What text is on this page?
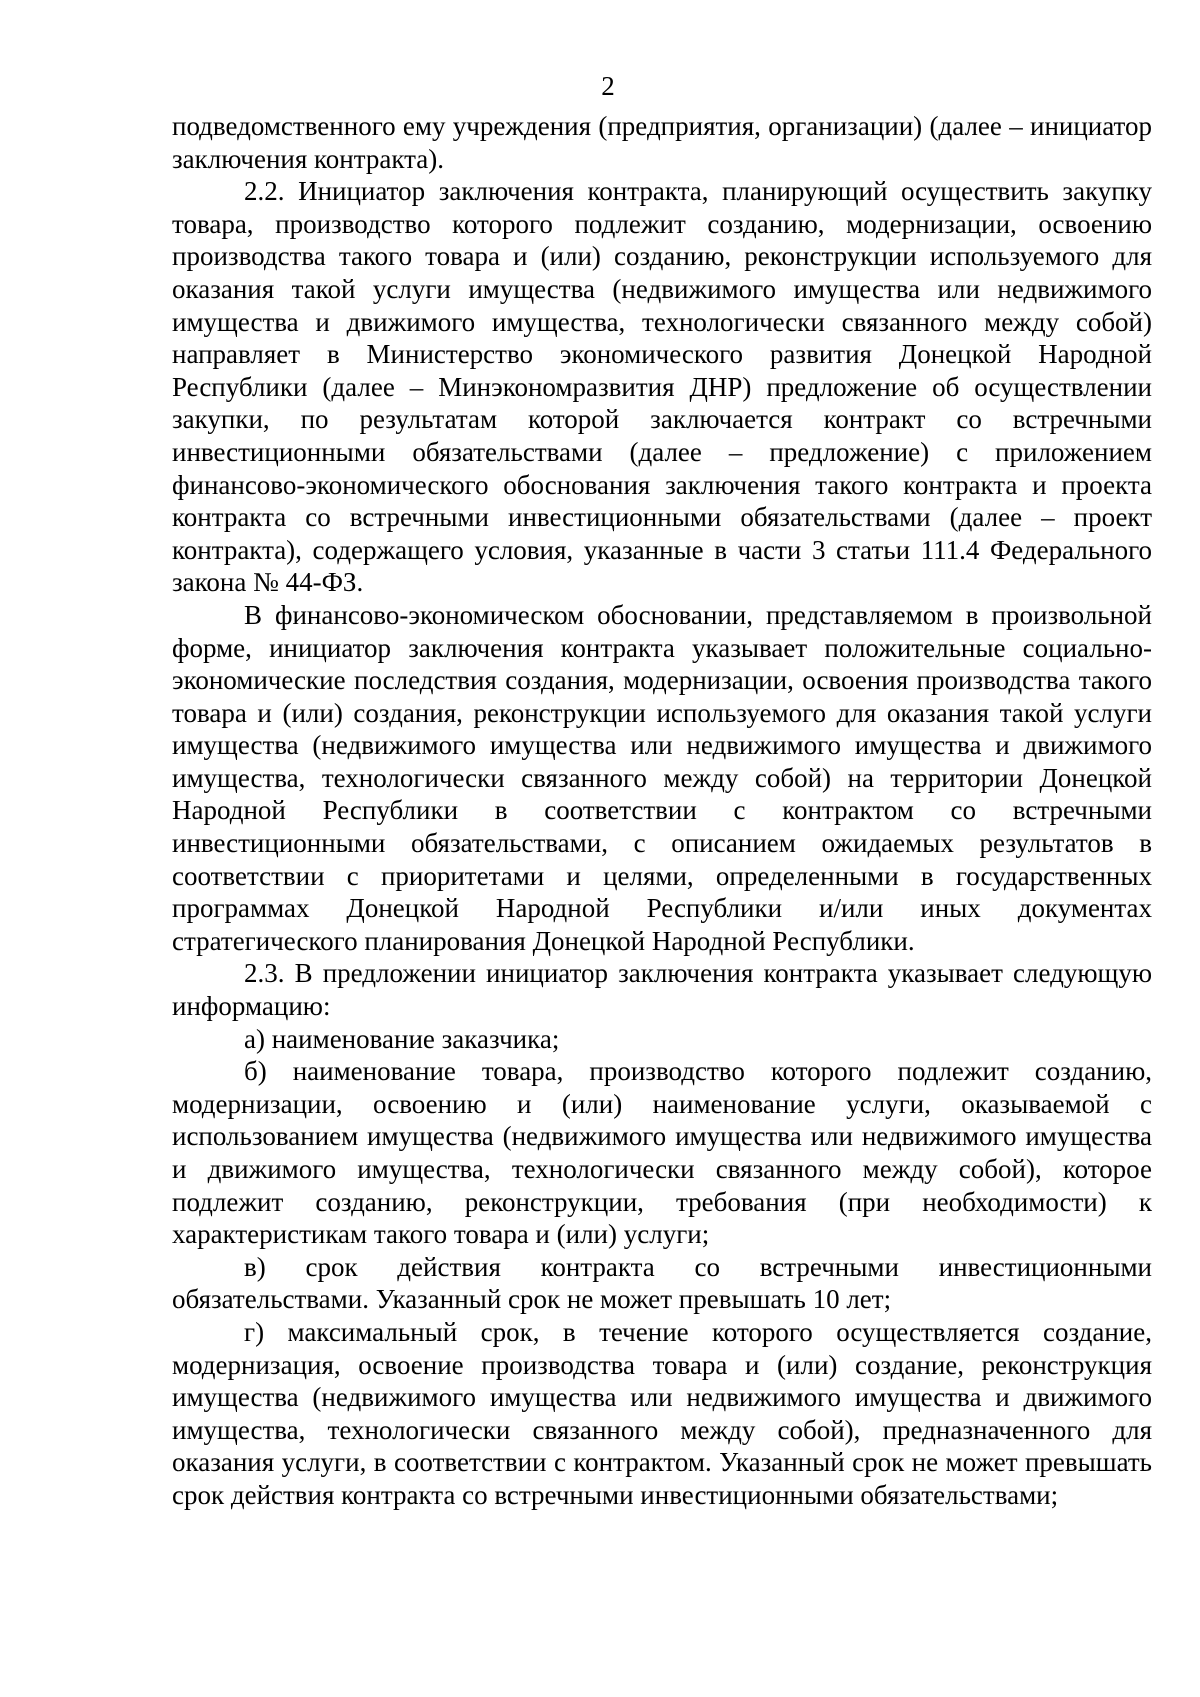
2

подведомственного ему учреждения (предприятия, организации) (далее – инициатор заключения контракта).

2.2. Инициатор заключения контракта, планирующий осуществить закупку товара, производство которого подлежит созданию, модернизации, освоению производства такого товара и (или) созданию, реконструкции используемого для оказания такой услуги имущества (недвижимого имущества или недвижимого имущества и движимого имущества, технологически связанного между собой) направляет в Министерство экономического развития Донецкой Народной Республики (далее – Минэкономразвития ДНР) предложение об осуществлении закупки, по результатам которой заключается контракт со встречными инвестиционными обязательствами (далее – предложение) с приложением финансово-экономического обоснования заключения такого контракта и проекта контракта со встречными инвестиционными обязательствами (далее – проект контракта), содержащего условия, указанные в части 3 статьи 111.4 Федерального закона № 44-ФЗ.

В финансово-экономическом обосновании, представляемом в произвольной форме, инициатор заключения контракта указывает положительные социально-экономические последствия создания, модернизации, освоения производства такого товара и (или) создания, реконструкции используемого для оказания такой услуги имущества (недвижимого имущества или недвижимого имущества и движимого имущества, технологически связанного между собой) на территории Донецкой Народной Республики в соответствии с контрактом со встречными инвестиционными обязательствами, с описанием ожидаемых результатов в соответствии с приоритетами и целями, определенными в государственных программах Донецкой Народной Республики и/или иных документах стратегического планирования Донецкой Народной Республики.

2.3. В предложении инициатор заключения контракта указывает следующую информацию:

а) наименование заказчика;

б) наименование товара, производство которого подлежит созданию, модернизации, освоению и (или) наименование услуги, оказываемой с использованием имущества (недвижимого имущества или недвижимого имущества и движимого имущества, технологически связанного между собой), которое подлежит созданию, реконструкции, требования (при необходимости) к характеристикам такого товара и (или) услуги;

в) срок действия контракта со встречными инвестиционными обязательствами. Указанный срок не может превышать 10 лет;

г) максимальный срок, в течение которого осуществляется создание, модернизация, освоение производства товара и (или) создание, реконструкция имущества (недвижимого имущества или недвижимого имущества и движимого имущества, технологически связанного между собой), предназначенного для оказания услуги, в соответствии с контрактом. Указанный срок не может превышать срок действия контракта со встречными инвестиционными обязательствами;
